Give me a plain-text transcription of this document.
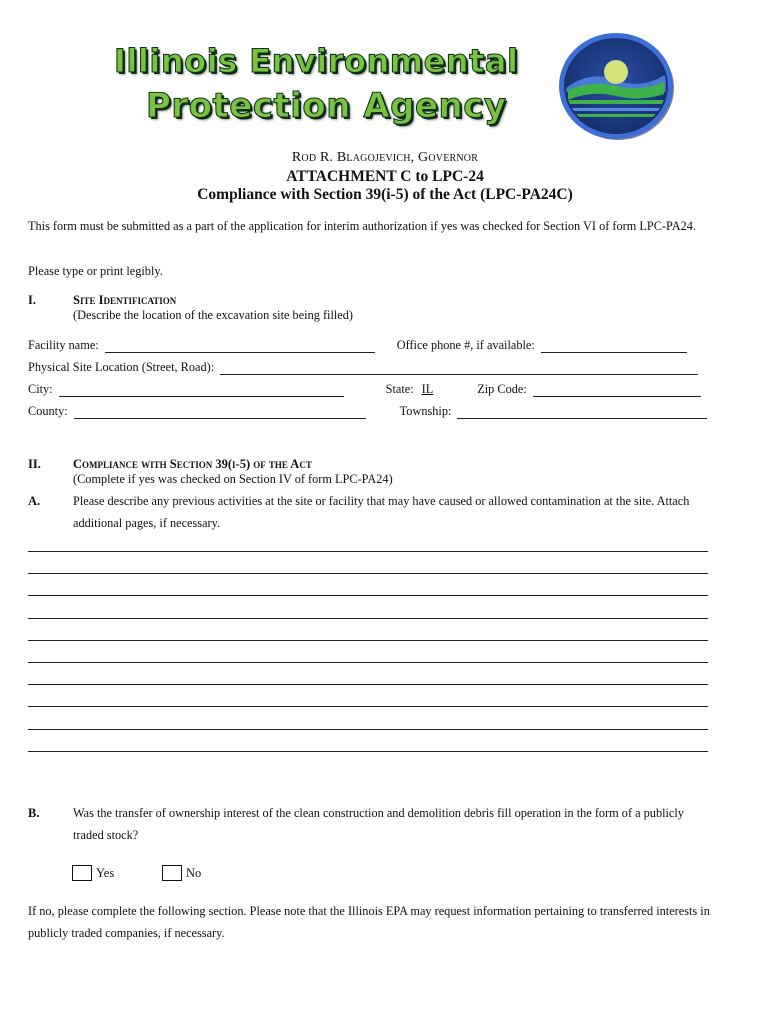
Illinois Environmental
Protection Agency
Rod R. Blagojevich, Governor
ATTACHMENT C to LPC-24
Compliance with Section 39(i-5) of the Act (LPC-PA24C)
This form must be submitted as a part of the application for interim authorization if yes was checked for Section VI of form LPC-PA24.
Please type or print legibly.
I.	Site Identification
(Describe the location of the excavation site being filled)
Facility name:	Office phone #, if available:
Physical Site Location (Street, Road):
City:	State: IL	Zip Code:
County:	Township:
II.	Compliance with Section 39(i-5) of the Act
(Complete if yes was checked on Section IV of form LPC-PA24)
A.	Please describe any previous activities at the site or facility that may have caused or allowed contamination at the site. Attach additional pages, if necessary.
B.	Was the transfer of ownership interest of the clean construction and demolition debris fill operation in the form of a publicly traded stock?
Yes	No
If no, please complete the following section. Please note that the Illinois EPA may request information pertaining to transferred interests in publicly traded companies, if necessary.
